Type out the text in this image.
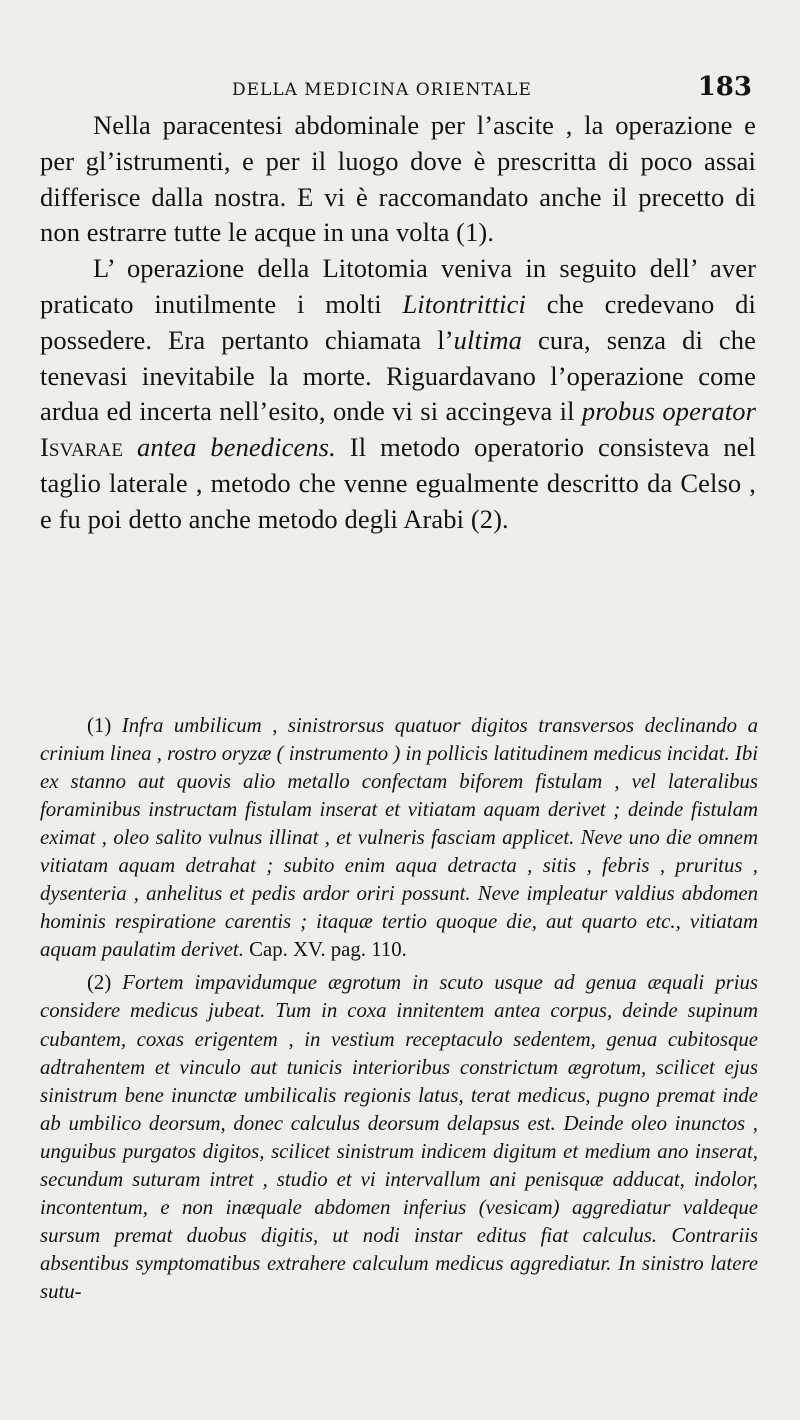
DELLA MEDICINA ORIENTALE	183

Nella paracentesi abdominale per l’ascite , la operazione e per gl’istrumenti, e per il luogo dove è prescritta di poco assai differisce dalla nostra. E vi è raccomandato anche il precetto di non estrarre tutte le acque in una volta (1).

L’ operazione della Litotomia veniva in seguito dell’ aver praticato inutilmente i molti Litontrittici che credevano di possedere. Era pertanto chiamata l’ultima cura, senza di che tenevasi inevitabile la morte. Riguardavano l’operazione come ardua ed incerta nell’esito, onde vi si accingeva il probus operator Isvarae antea benedicens. Il metodo operatorio consisteva nel taglio laterale , metodo che venne egualmente descritto da Celso , e fu poi detto anche metodo degli Arabi (2).

(1) Infra umbilicum , sinistrorsus quatuor digitos transversos declinando a crinium linea , rostro oryzæ ( instrumento ) in pollicis latitudinem medicus incidat. Ibi ex stanno aut quovis alio metallo confectam biforem fistulam , vel lateralibus foraminibus instructam fistulam inserat et vitiatam aquam derivet ; deinde fistulam eximat , oleo salito vulnus illinat , et vulneris fasciam applicet. Neve uno die omnem vitiatam aquam detrahat ; subito enim aqua detracta , sitis , febris , pruritus , dysenteria , anhelitus et pedis ardor oriri possunt. Neve impleatur valdius abdomen hominis respiratione carentis ; itaquæ tertio quoque die, aut quarto etc., vitiatam aquam paulatim derivet. Cap. XV. pag. 110.

(2) Fortem impavidumque ægrotum in scuto usque ad genua æquali prius considere medicus jubeat. Tum in coxa innitentem antea corpus, deinde supinum cubantem, coxas erigentem , in vestium receptaculo sedentem, genua cubitosque adtrahentem et vinculo aut tunicis interioribus constrictum ægrotum, scilicet ejus sinistrum bene inunctæ umbilicalis regionis latus, terat medicus, pugno premat inde ab umbilico deorsum, donec calculus deorsum delapsus est. Deinde oleo inunctos , unguibus purgatos digitos, scilicet sinistrum indicem digitum et medium ano inserat, secundum suturam intret , studio et vi intervallum ani penisquæ adducat, indolor, incontentum, e non inæquale abdomen inferius (vesicam) aggrediatur valdeque sursum premat duobus digitis, ut nodi instar editus fiat calculus. Contrariis absentibus symptomatibus extrahere calculum medicus aggrediatur. In sinistro latere sutu-
